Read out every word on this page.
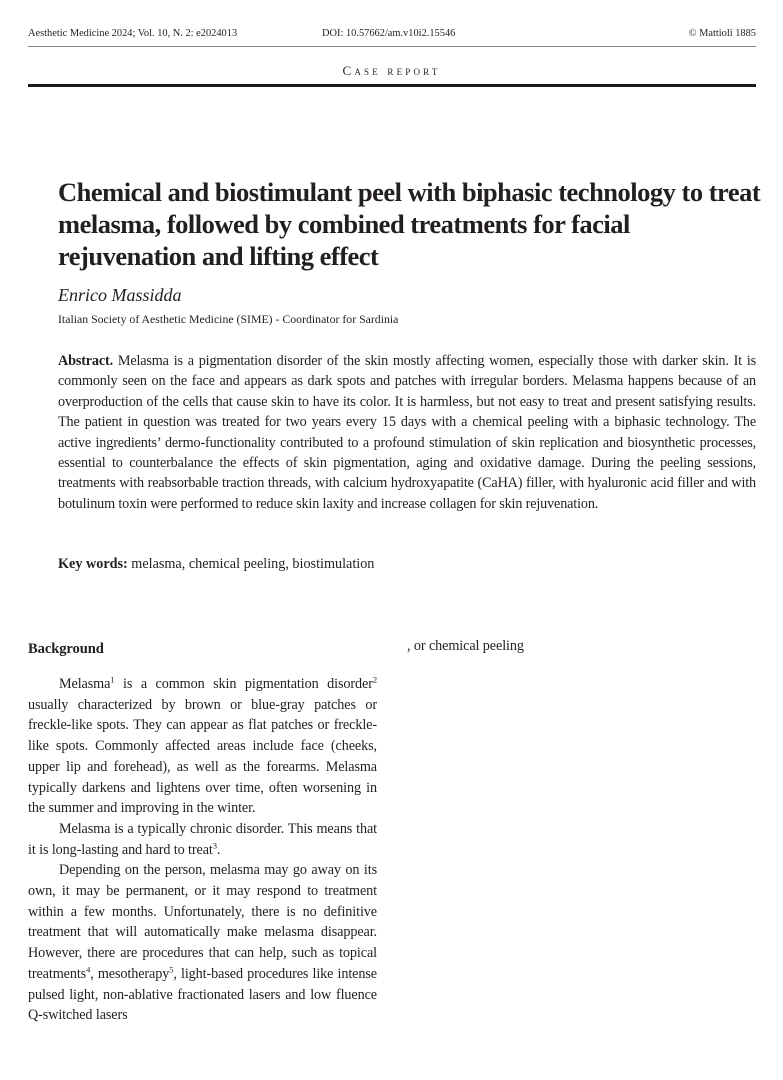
Aesthetic Medicine 2024; Vol. 10, N. 2: e2024013	DOI: 10.57662/am.v10i2.15546	© Mattioli 1885
Case report
Chemical and biostimulant peel with biphasic technology to treat melasma, followed by combined treatments for facial rejuvenation and lifting effect
Enrico Massidda
Italian Society of Aesthetic Medicine (SIME) - Coordinator for Sardinia

Abstract. Melasma is a pigmentation disorder of the skin mostly affecting women, especially those with darker skin. It is commonly seen on the face and appears as dark spots and patches with irregular borders. Melasma happens because of an overproduction of the cells that cause skin to have its color. It is harmless, but not easy to treat and present satisfying results. The patient in question was treated for two years every 15 days with a chemical peeling with a biphasic technology. The active ingredients’ dermo-functionality contributed to a profound stimulation of skin replication and biosynthetic processes, essential to counterbalance the effects of skin pigmentation, aging and oxidative damage. During the peeling sessions, treatments with reabsorbable traction threads, with calcium hydroxyapatite (CaHA) filler, with hyaluronic acid filler and with botulinum toxin were performed to reduce skin laxity and increase collagen for skin rejuvenation.

Key words: melasma, chemical peeling, biostimulation
Background

Melasma$^1$ is a common skin pigmentation disorder$^2$ usually characterized by brown or blue-gray patches or freckle-like spots. They can appear as flat patches or freckle-like spots. Commonly affected areas include face (cheeks, upper lip and forehead), as well as the forearms. Melasma typically darkens and lightens over time, often worsening in the summer and improving in the winter.

Melasma is a typically chronic disorder. This means that it is long-lasting and hard to treat$^3$.

Depending on the person, melasma may go away on its own, it may be permanent, or it may respond to treatment within a few months. Unfortunately, there is no definitive treatment that will automatically make melasma disappear. However, there are procedures that can help, such as topical treatments$^4$, mesotherapy$^5$, light-based procedures like intense pulsed light, non-ablative fractionated lasers and low fluence Q-switched lasers

, or chemical peeling
